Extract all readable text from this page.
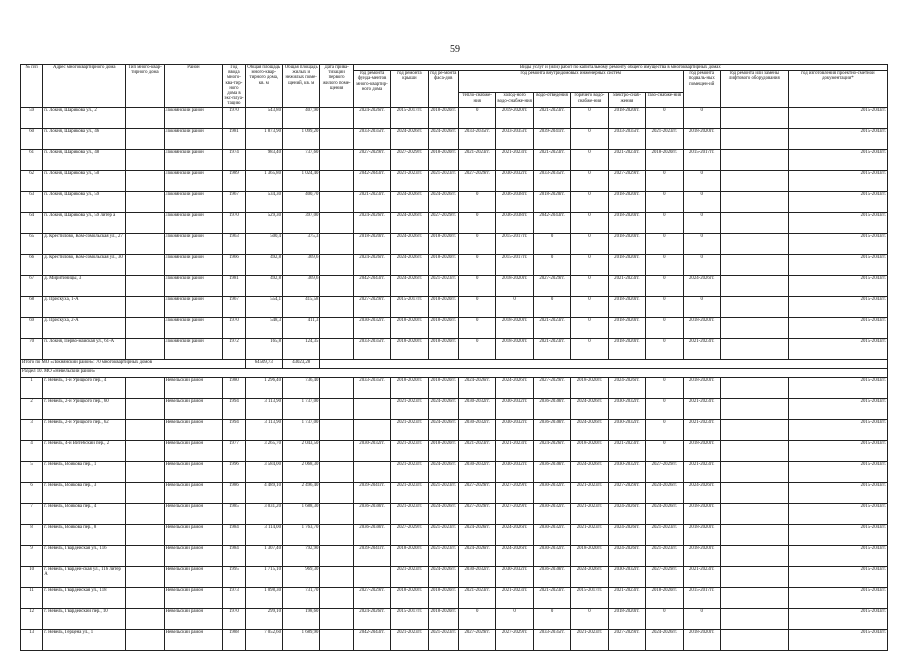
59
№ п/п	Адрес многоквартирного дома	Тип много-квар-тирного дома	Район	Год ввода много-ква-тир-ного дома в экс-плуа-тацию	Общая площадь много-квар-тирного дома, кв. м	Общая площадь жилых и нежилых поме-щений, кв. м	Дата прива-тизации первого жилого поме-щения	Виды услуг и (или) работ по капитальному ремонту общего имущества в многоквартирных домах											
								год ремонта фунда-ментов много-квартир-ного дома	год ремонта крыши	год ре-монта фаса-дов	год ремонта внутридомовых инженерных систем						год ремонта подваль-ных помещен-ий	год ремонта или замены лифтового оборудования	год изготовления проектно-сметной документации*
											тепло-снабже-ния	холод-ного водо-снабже-ния	водо-отведения	горячего водо-снабже-ния	электро-снаб-жения	газо-снабже-ния			
59	п. Локня, Шарикова ул., 2		Локнянский район	1970	543,80	407,90		2024-2026гг.	2015-2017гг.	2018-2020гг.	0	2019-2020гг.	2021-2023гг.	0	2018-2020гг.	0	0		2015-2043гг.
60	п. Локня, Шарикова ул., 46		Локнянский район	1981	1 873,90	1 099,20		2033-2035гг.	2024-2026гг.	2024-2026гг.	2033-2035гг.	2033-2035гг.	2039-2041гг.	0	2033-2035гг.	2021-2023гг.	2018-2020гг.		2015-2043гг.
61	п. Локня, Шарикова ул., 48		Локнянский район	1974	983,40	737,60		2027-2029гг.	2027-2029гг.	2018-2020гг.	2021-2023гг.	2021-2023гг.	2021-2023гг.	0	2021-2023гг.	2018-2020гг.	2015-2017гг.		2015-2043гг.
62	п. Локня, Шарикова ул., 50		Локнянский район	1989	1 365,80	1 024,40		2042-2043гг.	2021-2023гг.	2021-2023гг.	2027-2029гг.	2030-2032гг.	2033-2035гг.	0	2027-2029гг.	0	0		2015-2043гг.
63	п. Локня, Шарикова ул., 59		Локнянский район	1967	534,30	400,70		2021-2023гг.	2024-2026гг.	2024-2026гг.	0	2036-2038гг.	2018-2020гг.	0	2018-2020гг.	0	0		2015-2043гг.
64	п. Локня, Шарикова ул., 59 литер а		Локнянский район	1970	529,30	397,00		2024-2026гг.	2024-2026гг.	2027-2029гг.	0	2036-2038гг.	2042-2043гг.	0	2018-2020гг.	0	0		2015-2043гг.
65	д. Крестилово, Ком-сомольская ул., 27		Локнянский район	1963	500,4	375,3		2018-2020гг.	2024-2026гг.	2018-2020гг.	0	2015-2017гг.	0	0	2018-2020гг.	0	0		2015-2043гг.
66	д. Крестилово, Ком-сомольская ул., 30		Локнянский район	1966	492,8	369,6		2024-2026гг.	2024-2026гг.	2018-2020гг.	0	2015-2017гг.	0	0	2018-2020гг.	0	0		2015-2043гг.
67	д. Миритиницы, 3		Локнянский район	1981	492,8	369,6		2042-2043гг.	2024-2026гг.	2021-2023гг.	0	2018-2020гг.	2027-2029гг.	0	2021-2023гг.	0	2024-2026гг.		2015-2043гг.
68	д. Прискуха, 1-А		Локнянский район	1967	554,1	415,58		2027-2029гг.	2015-2017гг.	2018-2020гг.	0	0	0	0	2018-2020гг.	0	0		2015-2043гг.
69	д. Прискуха, 2-А		Локнянский район	1970	548,3	411,3		2030-2032гг.	2018-2020гг.	2018-2020гг.	0	2018-2020гг.	2021-2023гг.	0	2018-2020гг.	0	2018-2020гг.		2015-2043гг.
70	п. Локня, Перво-майская ул., 61-А		Локнянский район	1972	165,8	124,35		2033-2035гг.	2018-2020гг.	2018-2020гг.	0	2018-2020гг.	2021-2023гг.	0	2018-2020гг.	0	2021-2023гг.		2015-2043гг.
Итого по МО «Локнянский район»: 70 многоквартирных домов					64509,73	43023,28													
Раздел 10. МО «Невельский район»																			
1	г. Невель, 1-й Урицкого пер., 4		Невельский район	1980	1 296,40	736,40		2033-2035гг.	2018-2020гг.	2018-2020гг.	2024-2026гг.	2024-2026гг.	2027-2029гг.	2018-2020гг.	2024-2026гг.	0	2018-2020гг.		2015-2043гг.
2	г. Невель, 2-й Урицкого пер., 60		Невельский район	1994	3 113,90	1 737,00			2021-2023гг.	2024-2026гг.	2030-2032гг.	2030-2032гг.	2036-2038гг.	2024-2026гг.	2030-2032гг.	0	2021-2023гг.		2015-2043гг.
3	г. Невель, 2-й Урицкого пер., 62		Невельский район	1994	3 113,90	1 737,00			2021-2023гг.	2024-2026гг.	2030-2032гг.	2030-2032гг.	2036-2038гг.	2024-2026гг.	2030-2032гг.	0	2021-2023гг.		2015-2043гг.
4	г. Невель, 4-й Витебский пер., 2		Невельский район	1977	3 265,70	2 043,50		2030-2032гг.	2021-2023гг.	2018-2020гг.	2021-2023гг.	2021-2023гг.	2024-2026гг.	2018-2020гг.	2021-2023гг.	0	2018-2020гг.		2015-2043гг.
5	г. Невель, Войкова пер., 1		Невельский район	1996	3 584,00	2 068,30			2021-2023гг.	2024-2026гг.	2030-2032гг.	2030-2032гг.	2036-2038гг.	2024-2026гг.	2030-2032гг.	2027-2029гг.	2021-2023гг.		2015-2043гг.
6	г. Невель, Войкова пер., 3		Невельский район	1986	4 489,10	2 496,40		2039-2041гг.	2021-2023гг.	2021-2023гг.	2027-2029гг.	2027-2029гг.	2030-2032гг.	2021-2023гг.	2027-2029гг.	2024-2026гг.	2024-2026гг.		2015-2043гг.
7	г. Невель, Войкова пер., 4		Невельский район	1985	3 031,20	1 688,30		2036-2038гг.	2021-2023гг.	2024-2026гг.	2027-2029гг.	2027-2029гг.	2030-2032гг.	2021-2023гг.	2024-2026гг.	2024-2026гг.	2018-2020гг.		2015-2043гг.
8	г. Невель, Войкова пер., 8		Невельский район	1984	3 114,00	1 763,70		2036-2038гг.	2027-2029гг.	2021-2023гг.	2024-2026гг.	2024-2026гг.	2030-2032гг.	2021-2023гг.	2024-2026гг.	2021-2023гг.	2018-2020гг.		2015-2043гг.
9	г. Невель, Гвардейская ул., 116		Невельский район	1984	1 307,40	792,90		2039-2041гг.	2018-2020гг.	2021-2023гг.	2024-2026гг.	2024-2026гг.	2030-2032гг.	2018-2020гг.	2024-2026гг.	2021-2023гг.	2018-2020гг.		2015-2043гг.
10	г. Невель, Гвардей-ская ул., 116 литер А		Невельский район	1995	1 715,10	969,30			2021-2023гг.	2024-2026гг.	2030-2032гг.	2030-2032гг.	2036-2038гг.	2024-2026гг.	2030-2032гг.	2027-2029гг.	2021-2023гг.		2015-2043гг.
11	г. Невель, Гвардейская ул., 118		Невельский район	1973	1 098,30	731,70		2027-2029гг.	2018-2020гг.	2018-2020гг.	2021-2023гг.	2021-2023гг.	2021-2023гг.	2015-2017гг.	2021-2023гг.	2018-2020гг.	2015-2017гг.		2015-2043гг.
12	г. Невель, Гвардейский пер., 10		Невельский район	1970	299,10	198,60		2024-2026гг.	2015-2017гг.	2018-2020гг.	0	0	0	0	2018-2020гг.	0	0		2015-2043гг.
13	г. Невель, Герцена ул., 1		Невельский район	1988	7 052,60	1 689,90		2042-2043гг.	2021-2023гг.	2021-2023гг.	2027-2029гг.	2027-2029гг.	2033-2035гг.	2021-2023гг.	2027-2029гг.	2024-2026гг.	2018-2020гг.		2015-2043гг.
